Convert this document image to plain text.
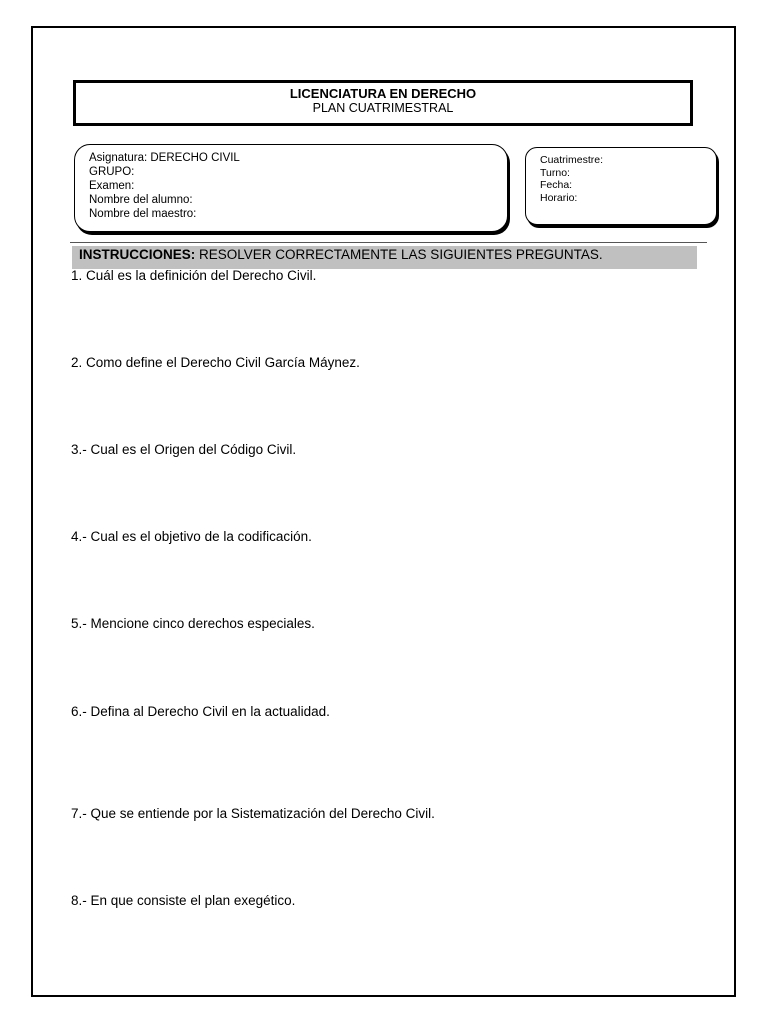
LICENCIATURA EN DERECHO
PLAN CUATRIMESTRAL
Asignatura: DERECHO CIVIL
GRUPO:
Examen:
Nombre del alumno:
Nombre del maestro:
Cuatrimestre:
Turno:
Fecha:
Horario:
INSTRUCCIONES: RESOLVER CORRECTAMENTE LAS SIGUIENTES PREGUNTAS.
1. Cuál es la definición del Derecho Civil.
2. Como define el Derecho Civil García Máynez.
3.- Cual es el Origen del Código Civil.
4.- Cual es el objetivo de la codificación.
5.- Mencione cinco derechos especiales.
6.- Defina al Derecho Civil en la actualidad.
7.- Que se entiende por la Sistematización del Derecho Civil.
8.- En que consiste el plan exegético.
